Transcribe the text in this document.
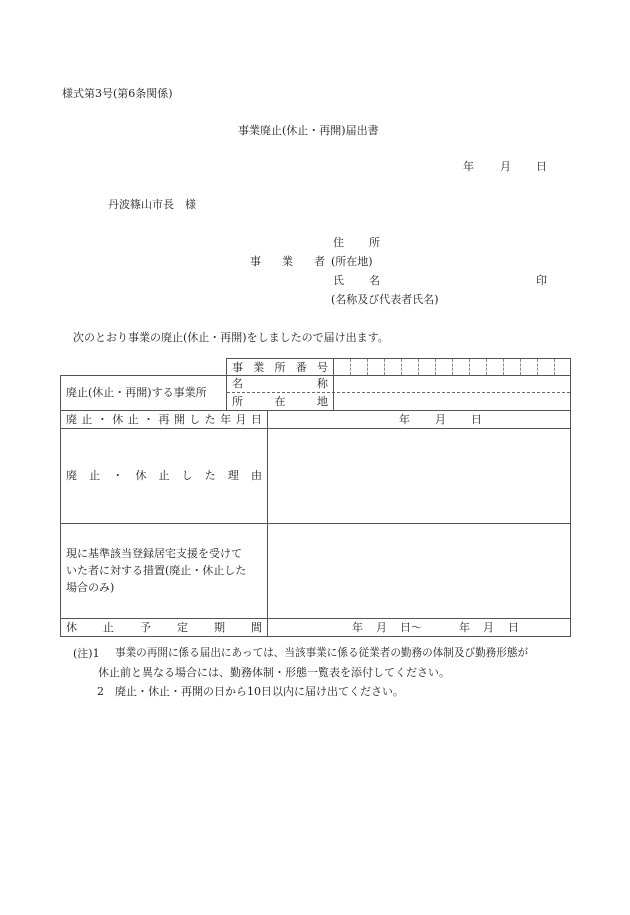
様式第3号(第6条関係)
事業廃止(休止・再開)届出書
年 月 日
丹波篠山市長　様
事 業 者
住 所
(所在地)
氏 名	印
(名称及び代表者氏名)
次のとおり事業の廃止(休止・再開)をしましたので届け出ます。
事 業 所 番 号
廃止(休止・再開)する事業所
名	称
所	在	地
廃 止 ・ 休 止 ・ 再 開 し た 年 月 日	年 月 日
廃 止 ・ 休 止 し た 理 由
現に基準該当登録居宅支援を受けて
いた者に対する措置(廃止・休止した
場合のみ)
休 止 予 定 期 間	年 月 日〜	年 月 日
(注)1 事業の再開に係る届出にあっては、当該事業に係る従業者の勤務の体制及び勤務形態が
休止前と異なる場合には、勤務体制・形態一覧表を添付してください。
2 廃止・休止・再開の日から10日以内に届け出てください。
